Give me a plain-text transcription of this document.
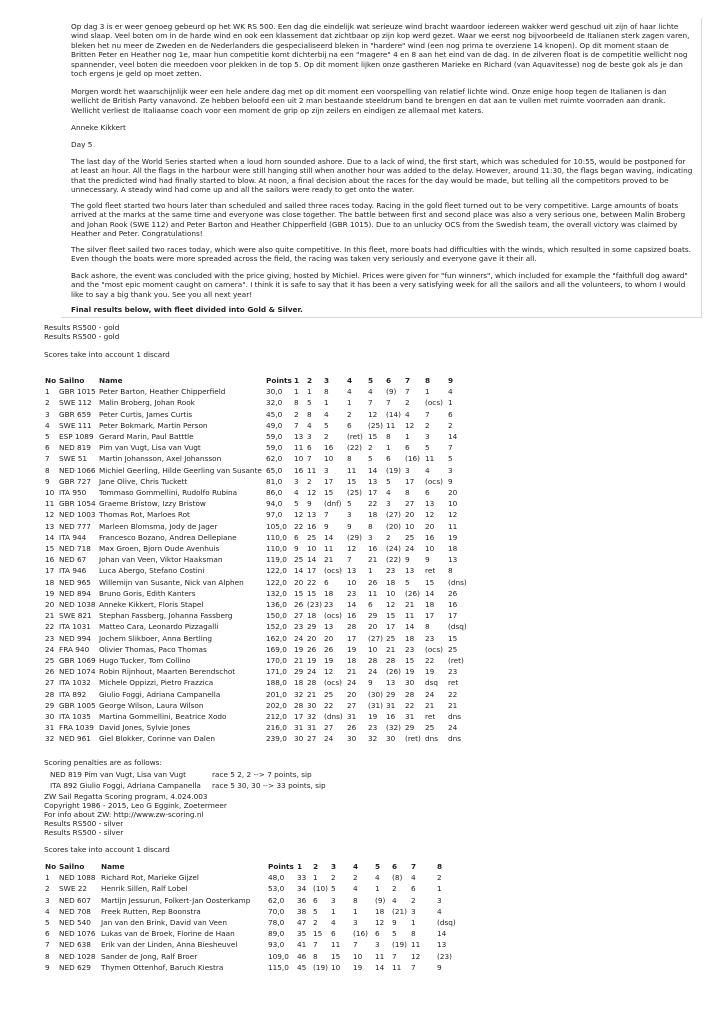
Op dag 3 is er weer genoeg gebeurd op het WK RS 500. Een dag die eindelijk wat serieuze wind bracht waardoor iedereen wakker werd geschud uit zijn of haar lichte wind slaap. Veel boten om in de harde wind en ook een klassement dat zichtbaar op zijn kop werd gezet. Waar we eerst nog bijvoorbeeld de Italianen sterk zagen varen, bleken het nu meer de Zweden en de Nederlanders die gespecialiseerd bleken in "hardere" wind (een nog prima te overziene 14 knopen). Op dit moment staan de Britten Peter en Heather nog 1e, maar hun competitie komt dichterbij na een "magere" 4 en 8 aan het eind van de dag. In de zilveren float is de competitie wellicht nog spannender, veel boten die meedoen voor plekken in de top 5. Op dit moment lijken onze gastheren Marieke en Richard (van Aquavitesse) nog de beste gok als je dan toch ergens je geld op moet zetten.

Morgen wordt het waarschijnlijk weer een hele andere dag met op dit moment een voorspelling van relatief lichte wind. Onze enige hoop tegen de Italianen is dan wellicht de British Party vanavond. Ze hebben beloofd een uit 2 man bestaande steeldrum band te brengen en dat aan te vullen met ruimte voorraden aan drank. Wellicht verliest de Italiaanse coach voor een moment de grip op zijn zeilers en eindigen ze allemaal met katers.

Anneke Kikkert

Day 5

The last day of the World Series started when a loud horn sounded ashore. Due to a lack of wind, the first start, which was scheduled for 10:55, would be postponed for at least an hour. All the flags in the harbour were still hanging still when another hour was added to the delay. However, around 11:30, the flags began waving, indicating that the predicted wind had finally started to blow. At noon, a final decision about the races for the day would be made, but telling all the competitors proved to be unnecessary. A steady wind had come up and all the sailors were ready to get onto the water.

The gold fleet started two hours later than scheduled and sailed three races today. Racing in the gold fleet turned out to be very competitive. Large amounts of boats arrived at the marks at the same time and everyone was close together. The battle between first and second place was also a very serious one, between Malin Broberg and Johan Rook (SWE 112) and Peter Barton and Heather Chipperfield (GBR 1015). Due to an unlucky OCS from the Swedish team, the overall victory was claimed by Heather and Peter. Congratulations!

The silver fleet sailed two races today, which were also quite competitive. In this fleet, more boats had difficulties with the winds, which resulted in some capsized boats. Even though the boats were more spreaded across the field, the racing was taken very seriously and everyone gave it their all.

Back ashore, the event was concluded with the price giving, hosted by Michiel. Prices were given for "fun winners", which included for example the "faithfull dog award" and the "most epic moment caught on camera". I think it is safe to say that it has been a very satisfying week for all the sailors and all the volunteers, to whom I would like to say a big thank you. See you all next year!

Final results below, with fleet divided into Gold & Silver.

Results RS500 - gold
Results RS500 - gold
Scores take into account 1 discard
No Sailno Name	Points 1 2 3 4 5 6 7 8 9
1 GBR 1015 Peter Barton, Heather Chipperfield	30,0 1 1 8	4 4 (9) 7 1	4
2 SWE 112 Malin Broberg, Johan Rook	32,0 8 5 1	1 7 7 2 (ocs) 1
3 GBR 659 Peter Curtis, James Curtis	45,0 2 8 4	2 12 (14) 4 7	6
4 SWE 111 Peter Bokmark, Martin Person	49,0 7 4 5	6 (25) 11 12 2	2
5 ESP 1089 Gerard Marin, Paul Batttle	59,0 13 3 2	(ret) 15 8 1 3	14
6 NED 819 Pim van Vugt, Lisa van Vugt	59,0 11 6 16 (22) 2 1 6 5	7
7 SWE 51 Martin Johansson, Axel Johansson	62,0 10 7 10 8 5 6 (16) 11 5
8 NED 1066 Michiel Geerling, Hilde Geerling van Susante 65,0 16 11 3	11 14 (19) 3 4	3
9 GBR 727 Jane Olive, Chris Tuckett	81,0 3 2 17 15 13 5 17 (ocs) 9
10 ITA 950 Tommaso Gommellini, Rudolfo Rubina	86,0 4 12 15 (25) 17 4 8 6	20
11 GBR 1054 Graeme Bristow, Izzy Bristow	94,0 5 9 (dnf) 5 22 3 27 13 10
12 NED 1003 Thomas Rot, Marloes Rot	97,0 12 13 7	3 18 (27) 20 12 12
13 NED 777 Marleen Blomsma, Jody de Jager	105,0 22 16 9	9 8 (20) 10 20 11
14 ITA 944 Francesco Bozano, Andrea Dellepiane	110,0 6 25 14 (29) 3 2 25 16 19
15 NED 718 Max Groen, Bjorn Oude Avenhuis	110,0 9 10 11 12 16 (24) 24 10 18
16 NED 67 Johan van Veen, Viktor Haaksman	119,0 25 14 21 7 21 (22) 9 9	13
17 ITA 946 Luca Abergo, Stefano Costini	122,0 14 17 (ocs) 13 1 23 13 ret 8
18 NED 965 Willemijn van Susante, Nick van Alphen	122,0 20 22 6	10 26 18 5 15 (dns)
19 NED 894 Bruno Goris, Edith Kanters	132,0 15 15 18 23 11 10 (26) 14 26
20 NED 1038 Anneke Kikkert, Floris Stapel	136,0 26 (23) 23 14 6 12 21 18 16
21 SWE 821 Stephan Fassberg, Johanna Fassberg	150,0 27 18 (ocs) 16 29 15 11 17 17
22 ITA 1031 Matteo Cara, Leonardo Pizzagalli	152,0 23 29 13 28 20 17 14 8	(dsq)
23 NED 994 Jochem Slikboer, Anna Bertling	162,0 24 20 20 17 (27) 25 18 23 15
24 FRA 940 Olivier Thomas, Paco Thomas	169,0 19 26 26 19 10 21 23 (ocs) 25
25 GBR 1069 Hugo Tucker, Tom Collino	170,0 21 19 19 18 28 28 15 22 (ret)
26 NED 1074 Robin Rijnhout, Maarten Berendschot	171,0 29 24 12 21 24 (26) 19 19 23
27 ITA 1032 Michele Oppizzi, Pietro Frazzica	188,0 18 28 (ocs) 24 9 13 30 dsq ret
28 ITA 892 Giulio Foggi, Adriana Campanella	201,0 32 21 25 20 (30) 29 28 24 22
29 GBR 1005 George Wilson, Laura Wilson	202,0 28 30 22 27 (31) 31 22 21 21
30 ITA 1035 Martina Gommellini, Beatrice Xodo	212,0 17 32 (dns) 31 19 16 31 ret dns
31 FRA 1039 David Jones, Sylvie Jones	216,0 31 31 27 26 23 (32) 29 25 24
32 NED 961 Giel Blokker, Corinne van Dalen	239,0 30 27 24 30 32 30 (ret) dns dns
Scoring penalties are as follows:
NED 819 Pim van Vugt, Lisa van Vugt	race 5 2, 2 --> 7 points, sip
ITA 892 Giulio Foggi, Adriana Campanella race 5 30, 30 --> 33 points, sip
ZW Sail Regatta Scoring program, 4.024.003
Copyright 1986 - 2015, Leo G Eggink, Zoetermeer
For info about ZW: http://www.zw-scoring.nl
Results RS500 - silver
Results RS500 - silver
Scores take into account 1 discard
No Sailno Name	Points 1 2 3 4 5 6 7	8
1 NED 1088 Richard Rot, Marieke Gijzel	48,0 33 1 2 2 4 (8) 4	2
2 SWE 22 Henrik Sillen, Ralf Lobel	53,0 34 (10) 5 4 1 2 6	1
3 NED 607 Martijn Jessurun, Folkert-Jan Oosterkamp 62,0 36 6 3 8 (9) 4 2	3
4 NED 708 Freek Rutten, Rep Boonstra	70,0 38 5 1 1 18 (21) 3	4
5 NED 540 Jan van den Brink, David van Veen	78,0 47 2 4 3 12 9 1	(dsq)
6 NED 1076 Lukas van de Broek, Florine de Haan	89,0 35 15 6 (16) 6 5 8	14
7 NED 638 Erik van der Linden, Anna Biesheuvel	93,0 41 7 11 7 3 (19) 11 13
8 NED 1028 Sander de Jong, Ralf Broer	109,0 46 8 15 10 11 7 12 (23)
9 NED 629 Thymen Ottenhof, Baruch Kiestra	115,0 45 (19) 10 19 14 11 7	9
